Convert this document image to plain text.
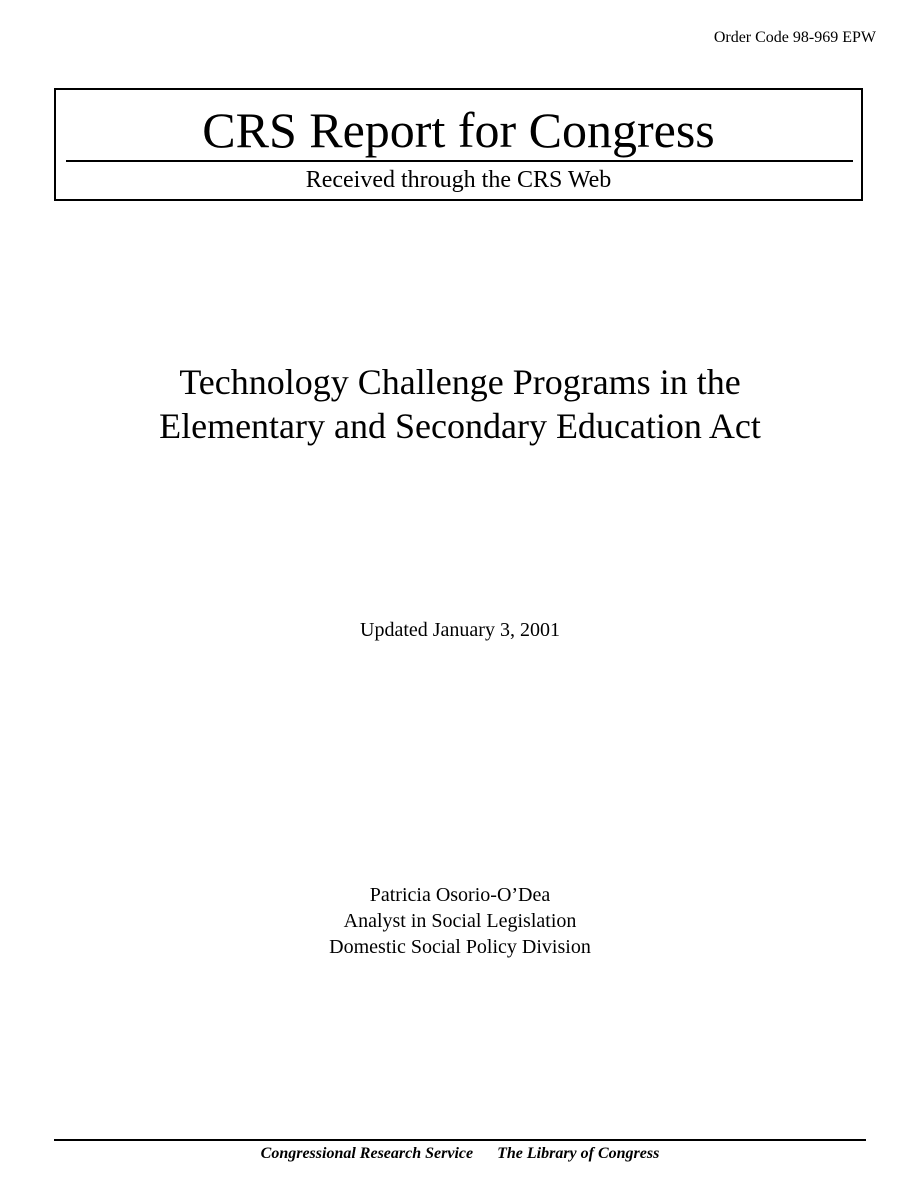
Order Code 98-969 EPW
CRS Report for Congress
Received through the CRS Web
Technology Challenge Programs in the
Elementary and Secondary Education Act
Updated January 3, 2001
Patricia Osorio-O’Dea
Analyst in Social Legislation
Domestic Social Policy Division
Congressional Research Service The Library of Congress
